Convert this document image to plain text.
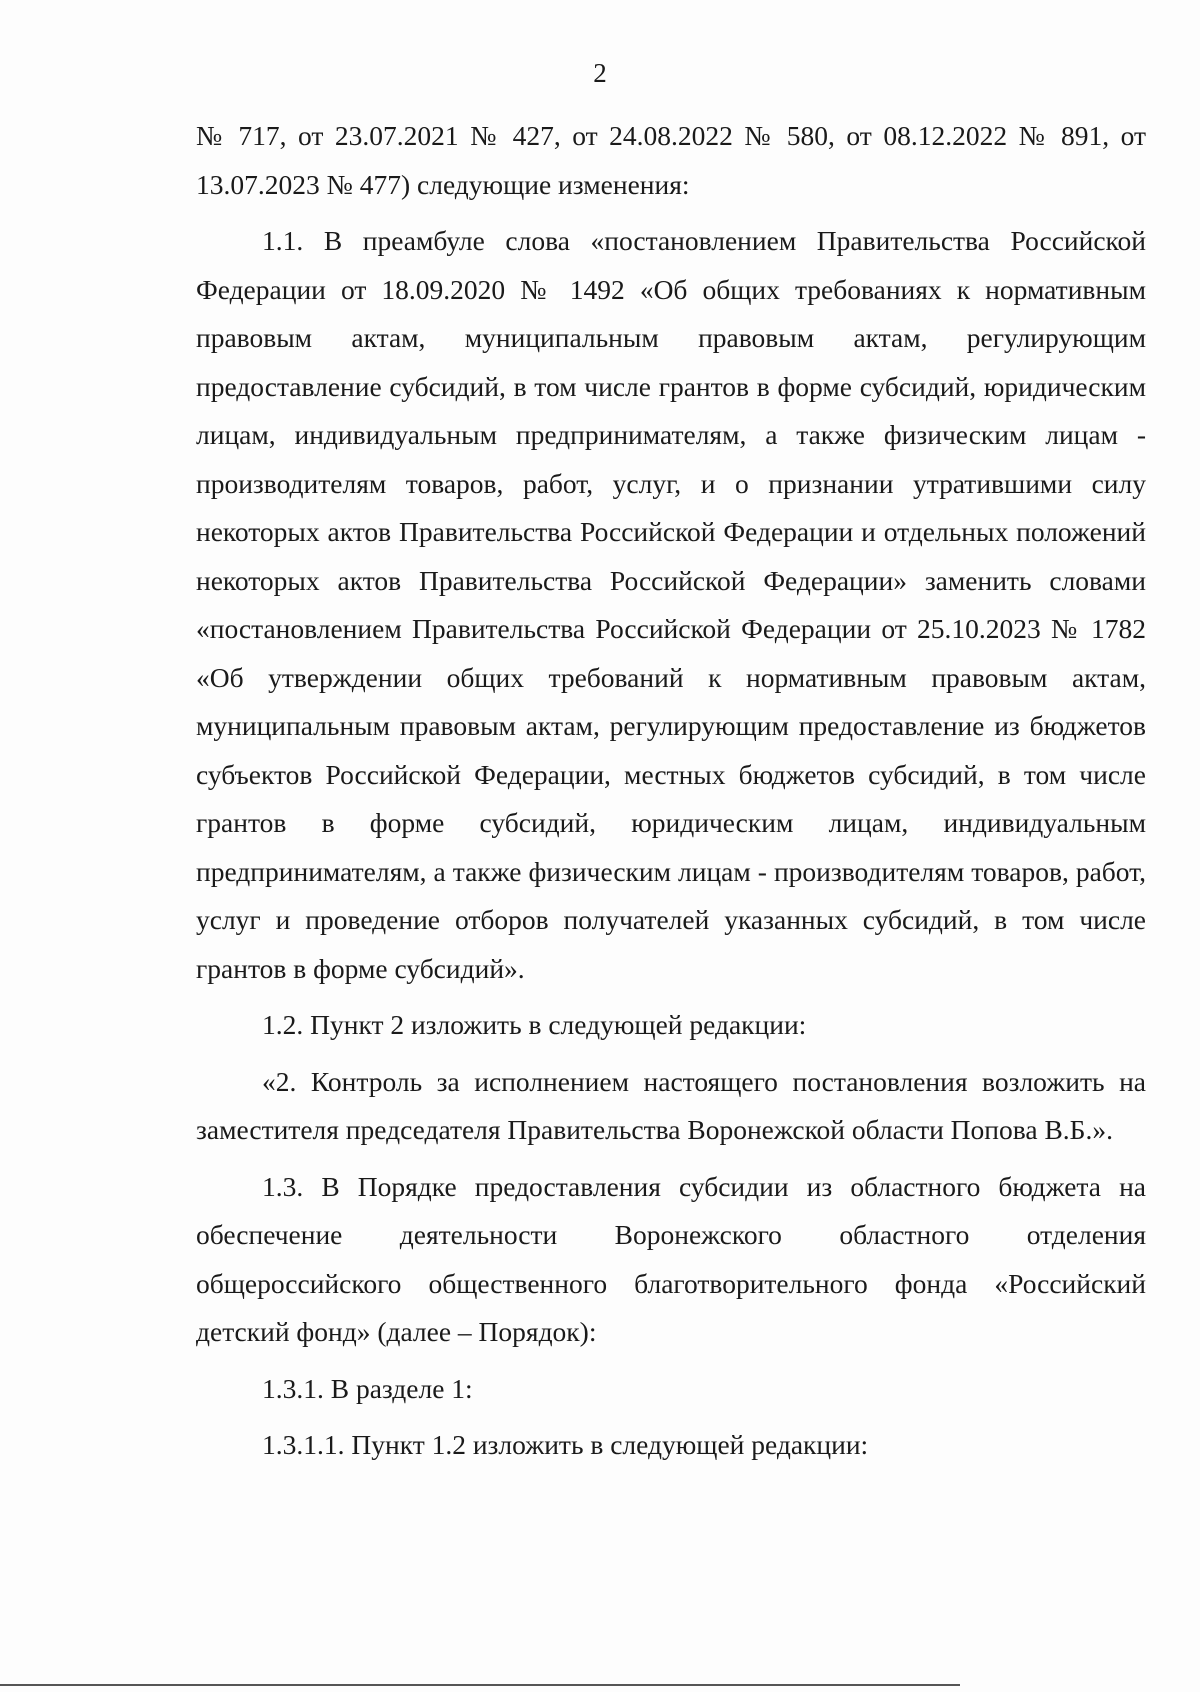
2

№ 717, от 23.07.2021 № 427, от 24.08.2022 № 580, от 08.12.2022 № 891, от 13.07.2023 № 477) следующие изменения:

1.1. В преамбуле слова «постановлением Правительства Российской Федерации от 18.09.2020 № 1492 «Об общих требованиях к нормативным правовым актам, муниципальным правовым актам, регулирующим предоставление субсидий, в том числе грантов в форме субсидий, юридическим лицам, индивидуальным предпринимателям, а также физическим лицам - производителям товаров, работ, услуг, и о признании утратившими силу некоторых актов Правительства Российской Федерации и отдельных положений некоторых актов Правительства Российской Федерации» заменить словами «постановлением Правительства Российской Федерации от 25.10.2023 № 1782 «Об утверждении общих требований к нормативным правовым актам, муниципальным правовым актам, регулирующим предоставление из бюджетов субъектов Российской Федерации, местных бюджетов субсидий, в том числе грантов в форме субсидий, юридическим лицам, индивидуальным предпринимателям, а также физическим лицам - производителям товаров, работ, услуг и проведение отборов получателей указанных субсидий, в том числе грантов в форме субсидий».

1.2. Пункт 2 изложить в следующей редакции:

«2. Контроль за исполнением настоящего постановления возложить на заместителя председателя Правительства Воронежской области Попова В.Б.».

1.3. В Порядке предоставления субсидии из областного бюджета на обеспечение деятельности Воронежского областного отделения общероссийского общественного благотворительного фонда «Российский детский фонд» (далее – Порядок):

1.3.1. В разделе 1:

1.3.1.1. Пункт 1.2 изложить в следующей редакции:
